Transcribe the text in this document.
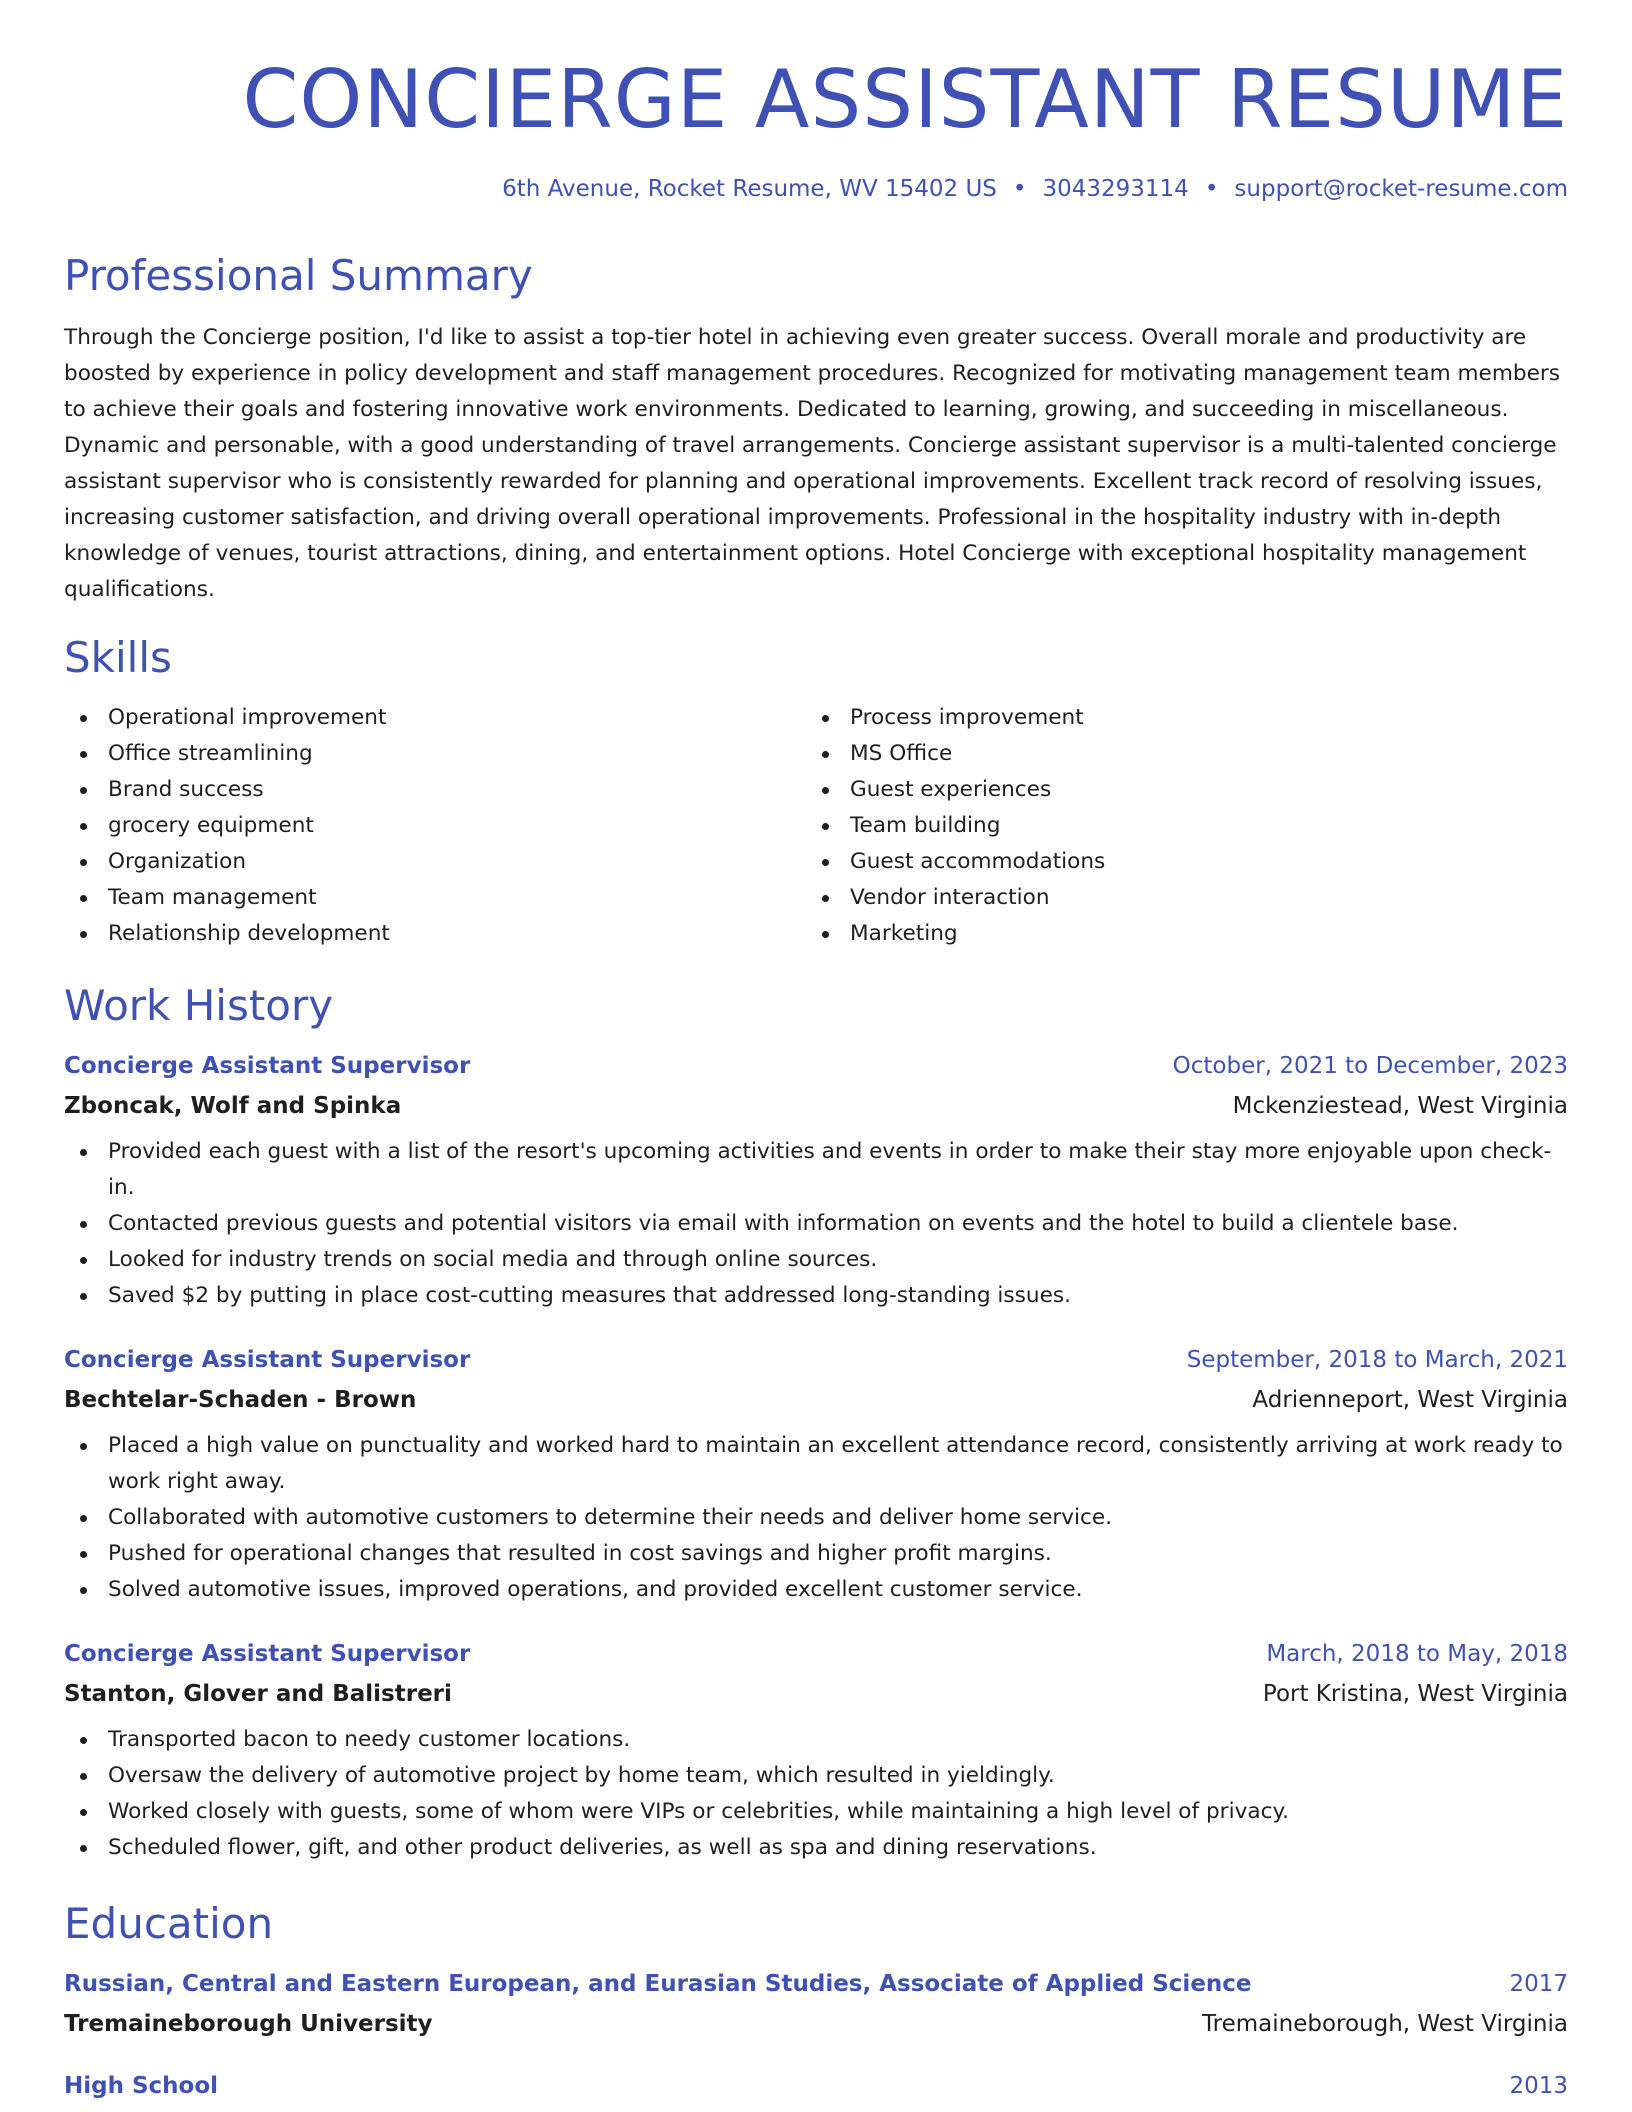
CONCIERGE ASSISTANT RESUME
6th Avenue, Rocket Resume, WV 15402 US • 3043293114 • support@rocket-resume.com
Professional Summary

Through the Concierge position, I'd like to assist a top-tier hotel in achieving even greater success. Overall morale and productivity are boosted by experience in policy development and staff management procedures. Recognized for motivating management team members to achieve their goals and fostering innovative work environments. Dedicated to learning, growing, and succeeding in miscellaneous. Dynamic and personable, with a good understanding of travel arrangements. Concierge assistant supervisor is a multi-talented concierge assistant supervisor who is consistently rewarded for planning and operational improvements. Excellent track record of resolving issues, increasing customer satisfaction, and driving overall operational improvements. Professional in the hospitality industry with in-depth knowledge of venues, tourist attractions, dining, and entertainment options. Hotel Concierge with exceptional hospitality management qualifications.

Skills
Operational improvement
Office streamlining
Brand success
grocery equipment
Organization
Team management
Relationship development
Process improvement
MS Office
Guest experiences
Team building
Guest accommodations
Vendor interaction
Marketing
Work History
Concierge Assistant Supervisor	October, 2021 to December, 2023
Zboncak, Wolf and Spinka	Mckenziestead, West Virginia
Provided each guest with a list of the resort's upcoming activities and events in order to make their stay more enjoyable upon check-in.
Contacted previous guests and potential visitors via email with information on events and the hotel to build a clientele base.
Looked for industry trends on social media and through online sources.
Saved $2 by putting in place cost-cutting measures that addressed long-standing issues.
Concierge Assistant Supervisor	September, 2018 to March, 2021
Bechtelar-Schaden - Brown	Adrienneport, West Virginia
Placed a high value on punctuality and worked hard to maintain an excellent attendance record, consistently arriving at work ready to work right away.
Collaborated with automotive customers to determine their needs and deliver home service.
Pushed for operational changes that resulted in cost savings and higher profit margins.
Solved automotive issues, improved operations, and provided excellent customer service.
Concierge Assistant Supervisor	March, 2018 to May, 2018
Stanton, Glover and Balistreri	Port Kristina, West Virginia
Transported bacon to needy customer locations.
Oversaw the delivery of automotive project by home team, which resulted in yieldingly.
Worked closely with guests, some of whom were VIPs or celebrities, while maintaining a high level of privacy.
Scheduled flower, gift, and other product deliveries, as well as spa and dining reservations.
Education
Russian, Central and Eastern European, and Eurasian Studies, Associate of Applied Science	2017
Tremaineborough University	Tremaineborough, West Virginia
High School	2013
